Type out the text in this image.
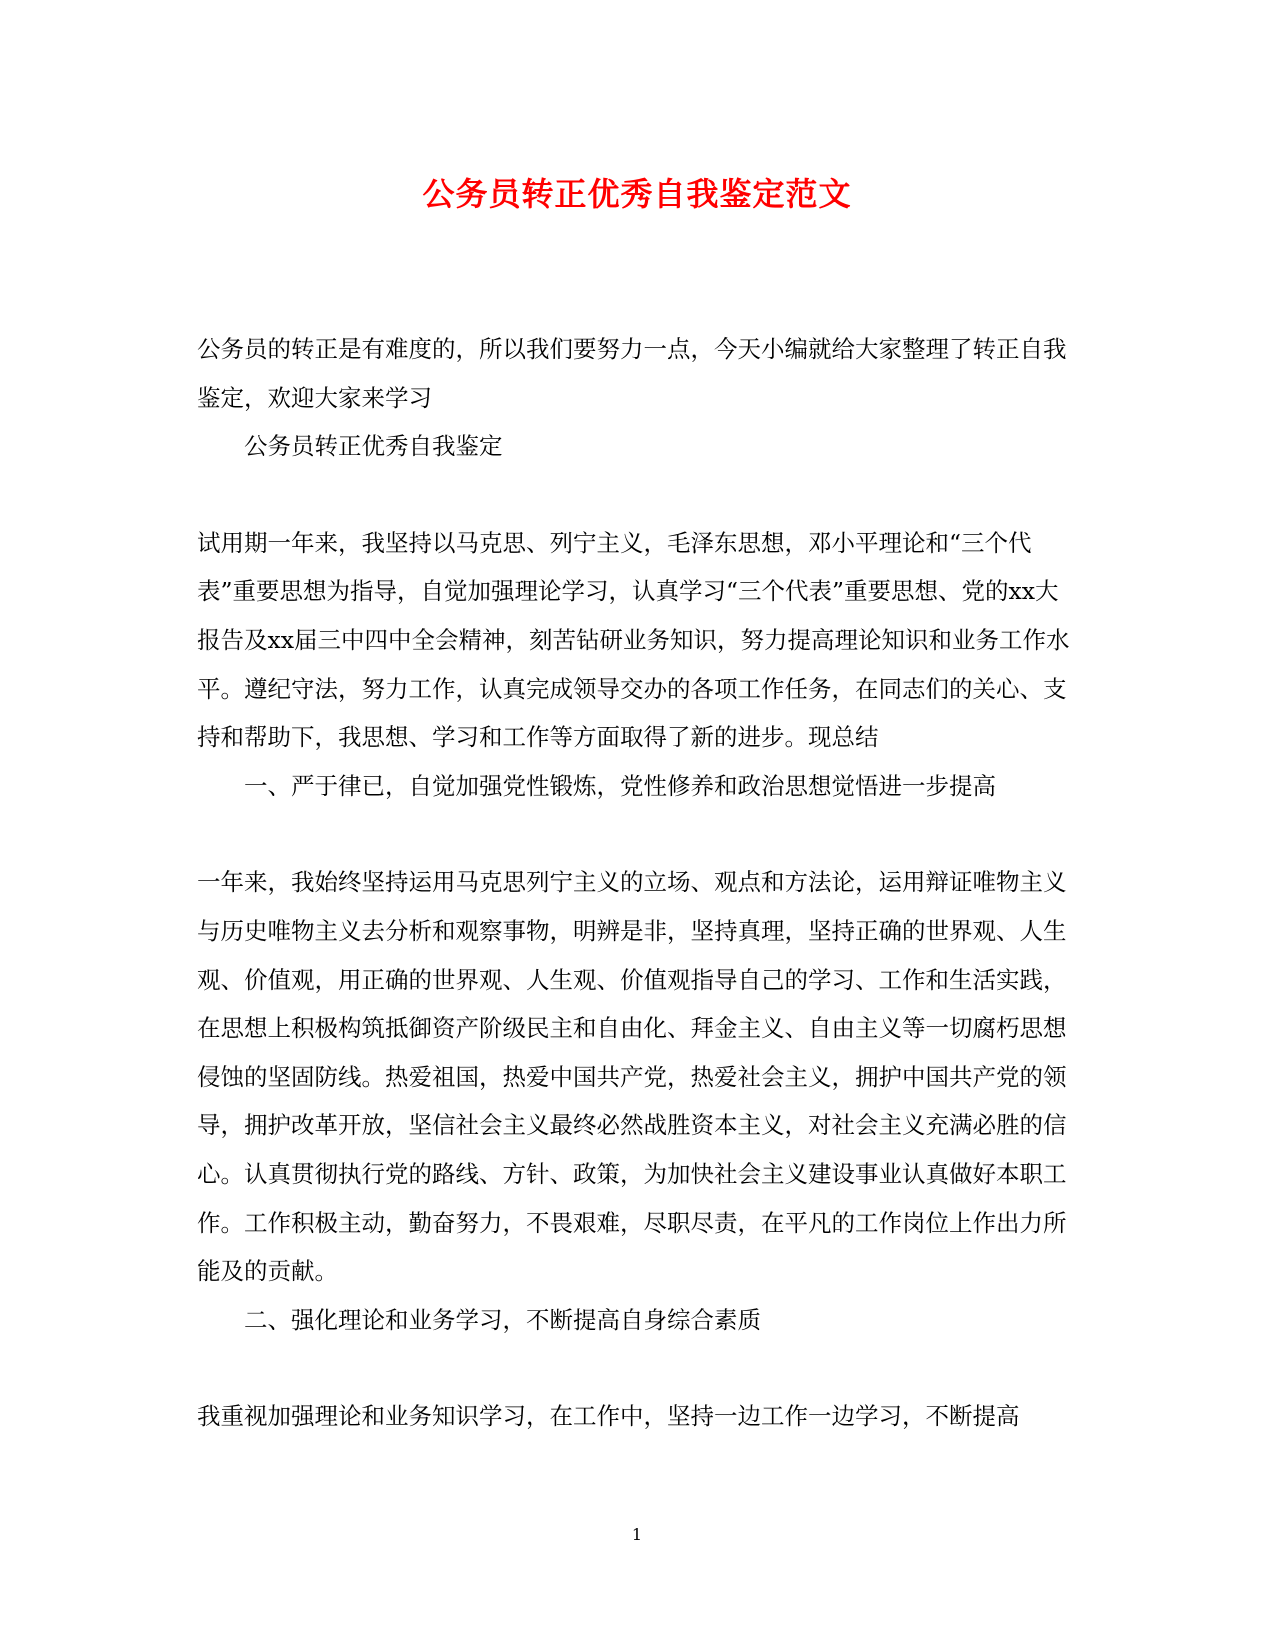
公务员转正优秀自我鉴定范文

公务员的转正是有难度的，所以我们要努力一点，今天小编就给大家整理了转正自我鉴定，欢迎大家来学习

公务员转正优秀自我鉴定

试用期一年来，我坚持以马克思、列宁主义，毛泽东思想，邓小平理论和“三个代表”重要思想为指导，自觉加强理论学习，认真学习“三个代表”重要思想、党的xx大报告及xx届三中四中全会精神，刻苦钻研业务知识，努力提高理论知识和业务工作水平。遵纪守法，努力工作，认真完成领导交办的各项工作任务，在同志们的关心、支持和帮助下，我思想、学习和工作等方面取得了新的进步。现总结

一、严于律已，自觉加强党性锻炼，党性修养和政治思想觉悟进一步提高

一年来，我始终坚持运用马克思列宁主义的立场、观点和方法论，运用辩证唯物主义与历史唯物主义去分析和观察事物，明辨是非，坚持真理，坚持正确的世界观、人生观、价值观，用正确的世界观、人生观、价值观指导自己的学习、工作和生活实践，在思想上积极构筑抵御资产阶级民主和自由化、拜金主义、自由主义等一切腐朽思想侵蚀的坚固防线。热爱祖国，热爱中国共产党，热爱社会主义，拥护中国共产党的领导，拥护改革开放，坚信社会主义最终必然战胜资本主义，对社会主义充满必胜的信心。认真贯彻执行党的路线、方针、政策，为加快社会主义建设事业认真做好本职工作。工作积极主动，勤奋努力，不畏艰难，尽职尽责，在平凡的工作岗位上作出力所能及的贡献。

二、强化理论和业务学习，不断提高自身综合素质

我重视加强理论和业务知识学习，在工作中，坚持一边工作一边学习，不断提高

1
